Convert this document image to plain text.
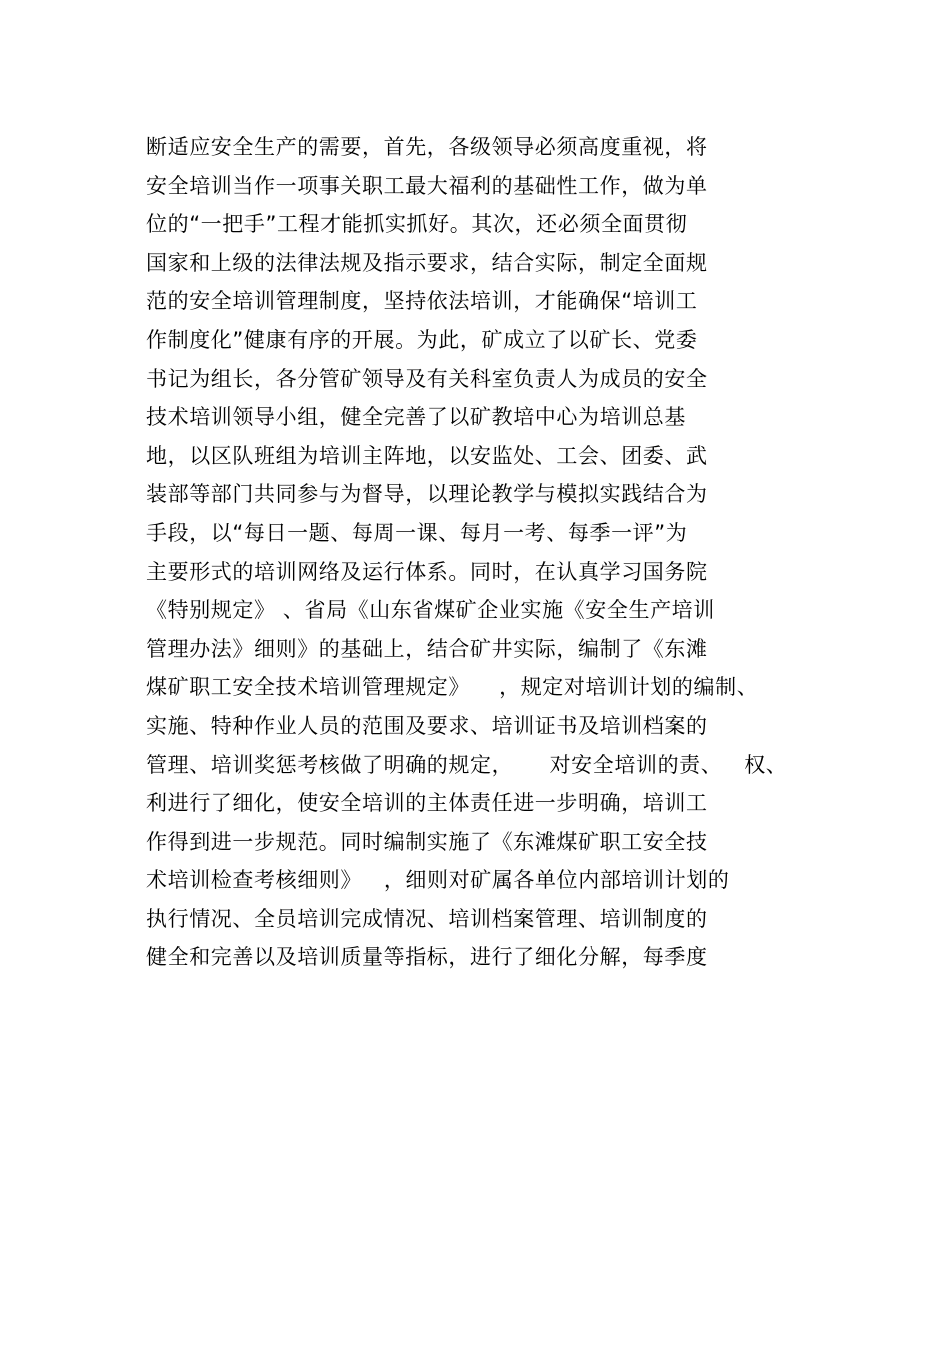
断适应安全生产的需要，首先，各级领导必须高度重视，将
安全培训当作一项事关职工最大福利的基础性工作，做为单
位的“一把手”工程才能抓实抓好。其次，还必须全面贯彻
国家和上级的法律法规及指示要求，结合实际，制定全面规
范的安全培训管理制度，坚持依法培训，才能确保“培训工
作制度化”健康有序的开展。为此，矿成立了以矿长、党委
书记为组长，各分管矿领导及有关科室负责人为成员的安全
技术培训领导小组，健全完善了以矿教培中心为培训总基
地，以区队班组为培训主阵地，以安监处、工会、团委、武
装部等部门共同参与为督导，以理论教学与模拟实践结合为
手段，以“每日一题、每周一课、每月一考、每季一评”为
主要形式的培训网络及运行体系。同时，在认真学习国务院
《特别规定》 、省局《山东省煤矿企业实施《安全生产培训
管理办法》细则》的基础上，结合矿井实际，编制了《东滩
煤矿职工安全技术培训管理规定》    ，规定对培训计划的编制、
实施、特种作业人员的范围及要求、培训证书及培训档案的
管理、培训奖惩考核做了明确的规定，     对安全培训的责、   权、
利进行了细化，使安全培训的主体责任进一步明确，培训工
作得到进一步规范。同时编制实施了《东滩煤矿职工安全技
术培训检查考核细则》   ，细则对矿属各单位内部培训计划的
执行情况、全员培训完成情况、培训档案管理、培训制度的
健全和完善以及培训质量等指标，进行了细化分解，每季度
